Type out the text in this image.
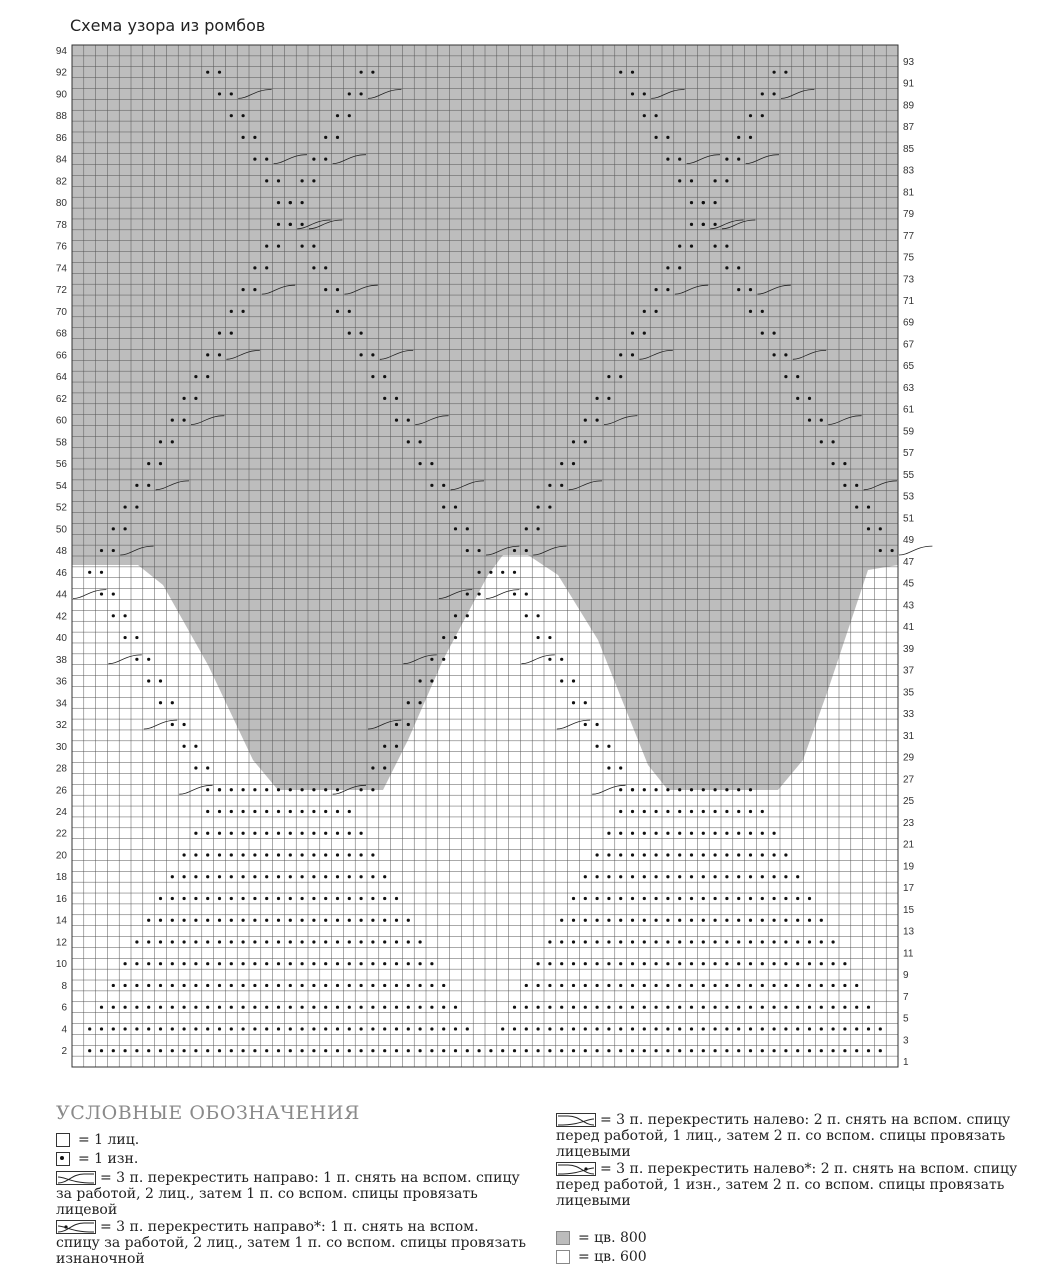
Схема узора из ромбов
94
92
90
88
86
84
82
80
78
76
74
72
70
68
66
64
62
60
58
56
54
52
50
48
46
44
42
40
38
36
34
32
30
28
26
24
22
20
18
16
14
12
10
8
6
4
2
93
91
89
87
85
83
81
79
77
75
73
71
69
67
65
63
61
59
57
55
53
51
49
47
45
43
41
39
37
35
33
31
29
27
25
23
21
19
17
15
13
11
9
7
5
3
1
УСЛОВНЫЕ ОБОЗНАЧЕНИЯ
= 1 лиц.
= 1 изн.
= 3 п. перекрестить направо: 1 п. снять на вспом. спицу за работой, 2 лиц., затем 1 п. со вспом. спицы провязать лицевой
= 3 п. перекрестить направо*: 1 п. снять на вспом. спицу за работой, 2 лиц., затем 1 п. со вспом. спицы провязать изнаночной
= 3 п. перекрестить налево: 2 п. снять на вспом. спицу перед работой, 1 лиц., затем 2 п. со вспом. спицы провязать лицевыми
= 3 п. перекрестить налево*: 2 п. снять на вспом. спицу перед работой, 1 изн., затем 2 п. со вспом. спицы провязать лицевыми
= цв. 800
= цв. 600
